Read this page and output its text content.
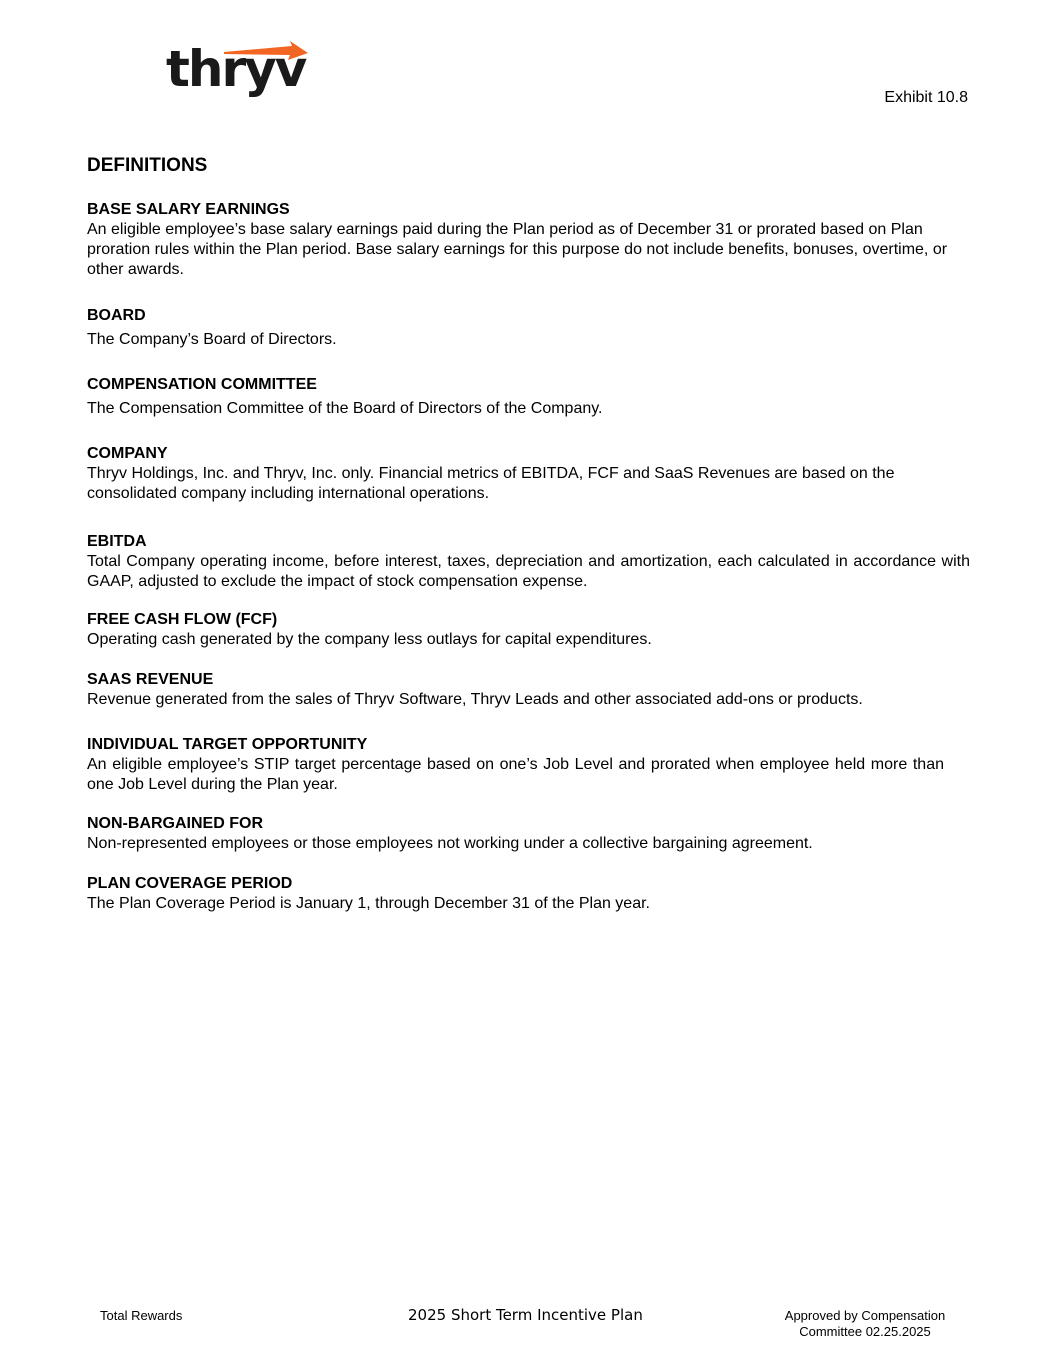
thryv	Exhibit 10.8
DEFINITIONS

BASE SALARY EARNINGS

An eligible employee’s base salary earnings paid during the Plan period as of December 31 or prorated based on Plan proration rules within the Plan period. Base salary earnings for this purpose do not include benefits, bonuses, overtime, or other awards.

BOARD

The Company’s Board of Directors.

COMPENSATION COMMITTEE

The Compensation Committee of the Board of Directors of the Company.

COMPANY

Thryv Holdings, Inc. and Thryv, Inc. only. Financial metrics of EBITDA, FCF and SaaS Revenues are based on the consolidated company including international operations.

EBITDA

Total Company operating income, before interest, taxes, depreciation and amortization, each calculated in accordance with GAAP, adjusted to exclude the impact of stock compensation expense.

FREE CASH FLOW (FCF)

Operating cash generated by the company less outlays for capital expenditures.

SAAS REVENUE

Revenue generated from the sales of Thryv Software, Thryv Leads and other associated add-ons or products.

INDIVIDUAL TARGET OPPORTUNITY

An eligible employee’s STIP target percentage based on one’s Job Level and prorated when employee held more than one Job Level during the Plan year.

NON-BARGAINED FOR

Non-represented employees or those employees not working under a collective bargaining agreement.

PLAN COVERAGE PERIOD

The Plan Coverage Period is January 1, through December 31 of the Plan year.

Total Rewards	2025 Short Term Incentive Plan	Approved by Compensation
Committee 02.25.2025
